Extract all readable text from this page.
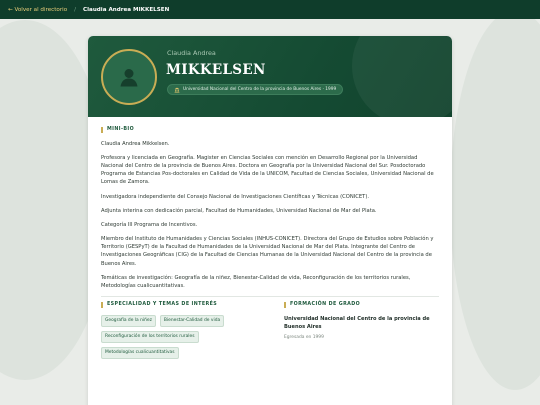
← Volver al directorio / Claudia Andrea MIKKELSEN
Claudia Andrea
MIKKELSEN
Universidad Nacional del Centro de la provincia de Buenos Aires · 1999
MINI-BIO

Claudia Andrea Mikkelsen.

Profesora y licenciada en Geografía. Magister en Ciencias Sociales con mención en Desarrollo Regional por la Universidad Nacional del Centro de la provincia de Buenos Aires. Doctora en Geografía por la Universidad Nacional del Sur. Posdoctorado Programa de Estancias Pos-doctorales en Calidad de Vida de la UNICOM, Facultad de Ciencias Sociales, Universidad Nacional de Lomas de Zamora.

Investigadora independiente del Consejo Nacional de Investigaciones Científicas y Técnicas (CONICET).

Adjunta interina con dedicación parcial, Facultad de Humanidades, Universidad Nacional de Mar del Plata.

Categoría III Programa de Incentivos.

Miembro del Instituto de Humanidades y Ciencias Sociales (INHUS-CONICET). Directora del Grupo de Estudios sobre Población y Territorio (GESPyT) de la Facultad de Humanidades de la Universidad Nacional de Mar del Plata. Integrante del Centro de Investigaciones Geográficas (CIG) de la Facultad de Ciencias Humanas de la Universidad Nacional del Centro de la provincia de Buenos Aires.

Temáticas de investigación: Geografía de la niñez, Bienestar-Calidad de vida, Reconfiguración de los territorios rurales, Metodologías cualicuantitativas.

ESPECIALIDAD Y TEMAS DE INTERÉS
Geografía de la niñez	Bienestar-Calidad de vida
Reconfiguración de los territorios rurales
Metodologías cualicuantitativas
FORMACIÓN DE GRADO
Universidad Nacional del Centro de la provincia de Buenos Aires
Egresada en 1999
